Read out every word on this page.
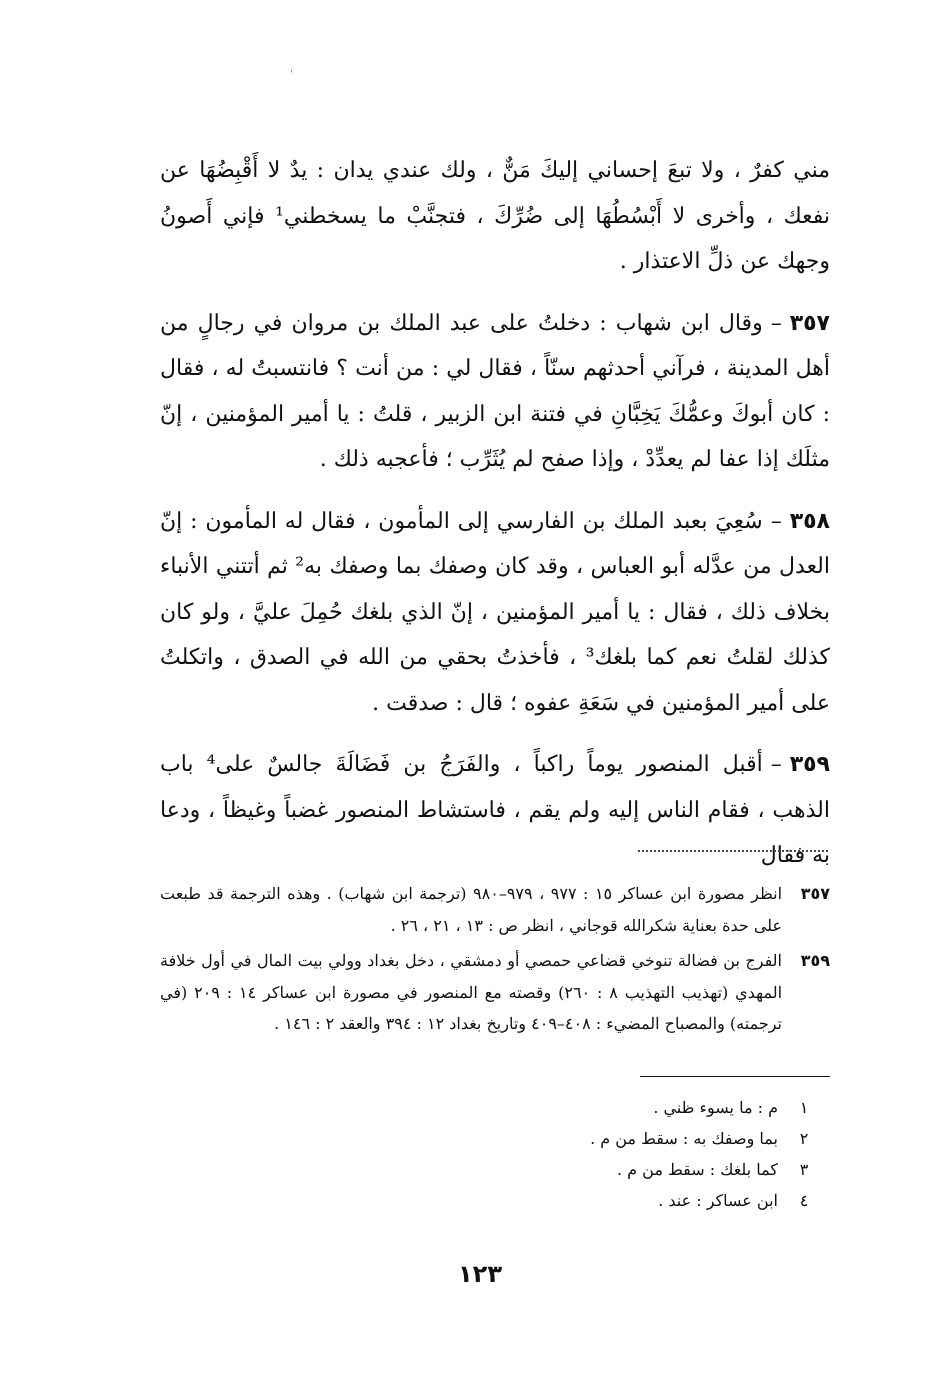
ʹ

مني كفرٌ ، ولا تبعَ إحساني إليكَ مَنٌّ ، ولك عندي يدان : يدٌ لا أَقْبِضُهَا عن نفعك ، وأخرى لا أَبْسُطُهَا إلى ضُرِّكَ ، فتجنَّبْ ما يسخطني¹ فإني أَصونُ وجهك عن ذلِّ الاعتذار .

٣٥٧–وقال ابن شهاب : دخلتُ على عبد الملك بن مروان في رجالٍ من أهل المدينة ، فرآني أحدثهم سنّاً ، فقال لي : من أنت ؟ فانتسبتُ له ، فقال : كان أبوكَ وعمُّكَ يَخِبَّانِ في فتنة ابن الزبير ، قلتُ : يا أمير المؤمنين ، إنّ مثلَك إذا عفا لم يعدِّدْ ، وإذا صفح لم يُثَرِّب ؛ فأعجبه ذلك .

٣٥٨–سُعِيَ بعبد الملك بن الفارسي إلى المأمون ، فقال له المأمون : إنّ العدل من عدَّله أبو العباس ، وقد كان وصفك بما وصفك به² ثم أتتني الأنباء بخلاف ذلك ، فقال : يا أمير المؤمنين ، إنّ الذي بلغك حُمِلَ عليَّ ، ولو كان كذلك لقلتُ نعم كما بلغك³ ، فأخذتُ بحقي من الله في الصدق ، واتكلتُ على أمير المؤمنين في سَعَةِ عفوه ؛ قال : صدقت .

٣٥٩–أقبل المنصور يوماً راكباً ، والفَرَجُ بن فَضَالَةَ جالسٌ على⁴ باب الذهب ، فقام الناس إليه ولم يقم ، فاستشاط المنصور غضباً وغيظاً ، ودعا به فقال

٣٥٧
انظر مصورة ابن عساكر ١٥ : ٩٧٧ ، ٩٧٩–٩٨٠ (ترجمة ابن شهاب) . وهذه الترجمة قد طبعت على حدة بعناية شكرالله قوجاني ، انظر ص : ١٣ ، ٢١ ، ٢٦ .
٣٥٩
الفرج بن فضالة تنوخي قضاعي حمصي أو دمشقي ، دخل بغداد وولي بيت المال في أول خلافة المهدي (تهذيب التهذيب ٨ : ٢٦٠) وقصته مع المنصور في مصورة ابن عساكر ١٤ : ٢٠٩ (في ترجمته) والمصباح المضيء : ٤٠٨–٤٠٩ وتاريخ بغداد ١٢ : ٣٩٤ والعقد ٢ : ١٤٦ .
١
م : ما يسوء ظني .
٢
بما وصفك به : سقط من م .
٣
كما بلغك : سقط من م .
٤
ابن عساكر : عند .
١٢٣
